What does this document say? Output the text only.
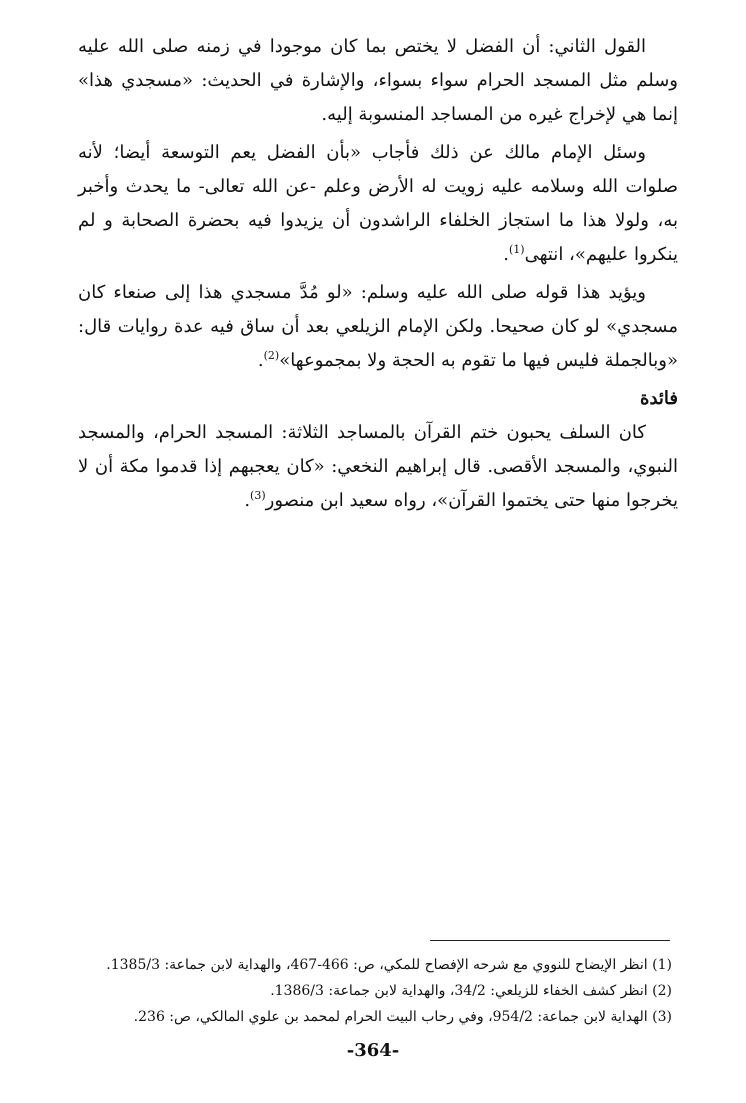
القول الثاني: أن الفضل لا يختص بما كان موجودا في زمنه صلى الله عليه وسلم مثل المسجد الحرام سواء بسواء، والإشارة في الحديث: «مسجدي هذا» إنما هي لإخراج غيره من المساجد المنسوبة إليه.

وسئل الإمام مالك عن ذلك فأجاب «بأن الفضل يعم التوسعة أيضا؛ لأنه صلوات الله وسلامه عليه زويت له الأرض وعلم -عن الله تعالى- ما يحدث وأخبر به، ولولا هذا ما استجاز الخلفاء الراشدون أن يزيدوا فيه بحضرة الصحابة و لم ينكروا عليهم»، انتهى$^{(1)}$.

ويؤيد هذا قوله صلى الله عليه وسلم: «لو مُدَّ مسجدي هذا إلى صنعاء كان مسجدي» لو كان صحيحا. ولكن الإمام الزيلعي بعد أن ساق فيه عدة روايات قال: «وبالجملة فليس فيها ما تقوم به الحجة ولا بمجموعها»$^{(2)}$.

فائدة

كان السلف يحبون ختم القرآن بالمساجد الثلاثة: المسجد الحرام، والمسجد النبوي، والمسجد الأقصى. قال إبراهيم النخعي: «كان يعجبهم إذا قدموا مكة أن لا يخرجوا منها حتى يختموا القرآن»، رواه سعيد ابن منصور$^{(3)}$.

(1) انظر الإيضاح للنووي مع شرحه الإفصاح للمكي، ص: 466-467، والهداية لابن جماعة: 1385/3.

(2) انظر كشف الخفاء للزيلعي: 34/2، والهداية لابن جماعة: 1386/3.

(3) الهداية لابن جماعة: 954/2، وفي رحاب البيت الحرام لمحمد بن علوي المالكي، ص: 236.

-364-
